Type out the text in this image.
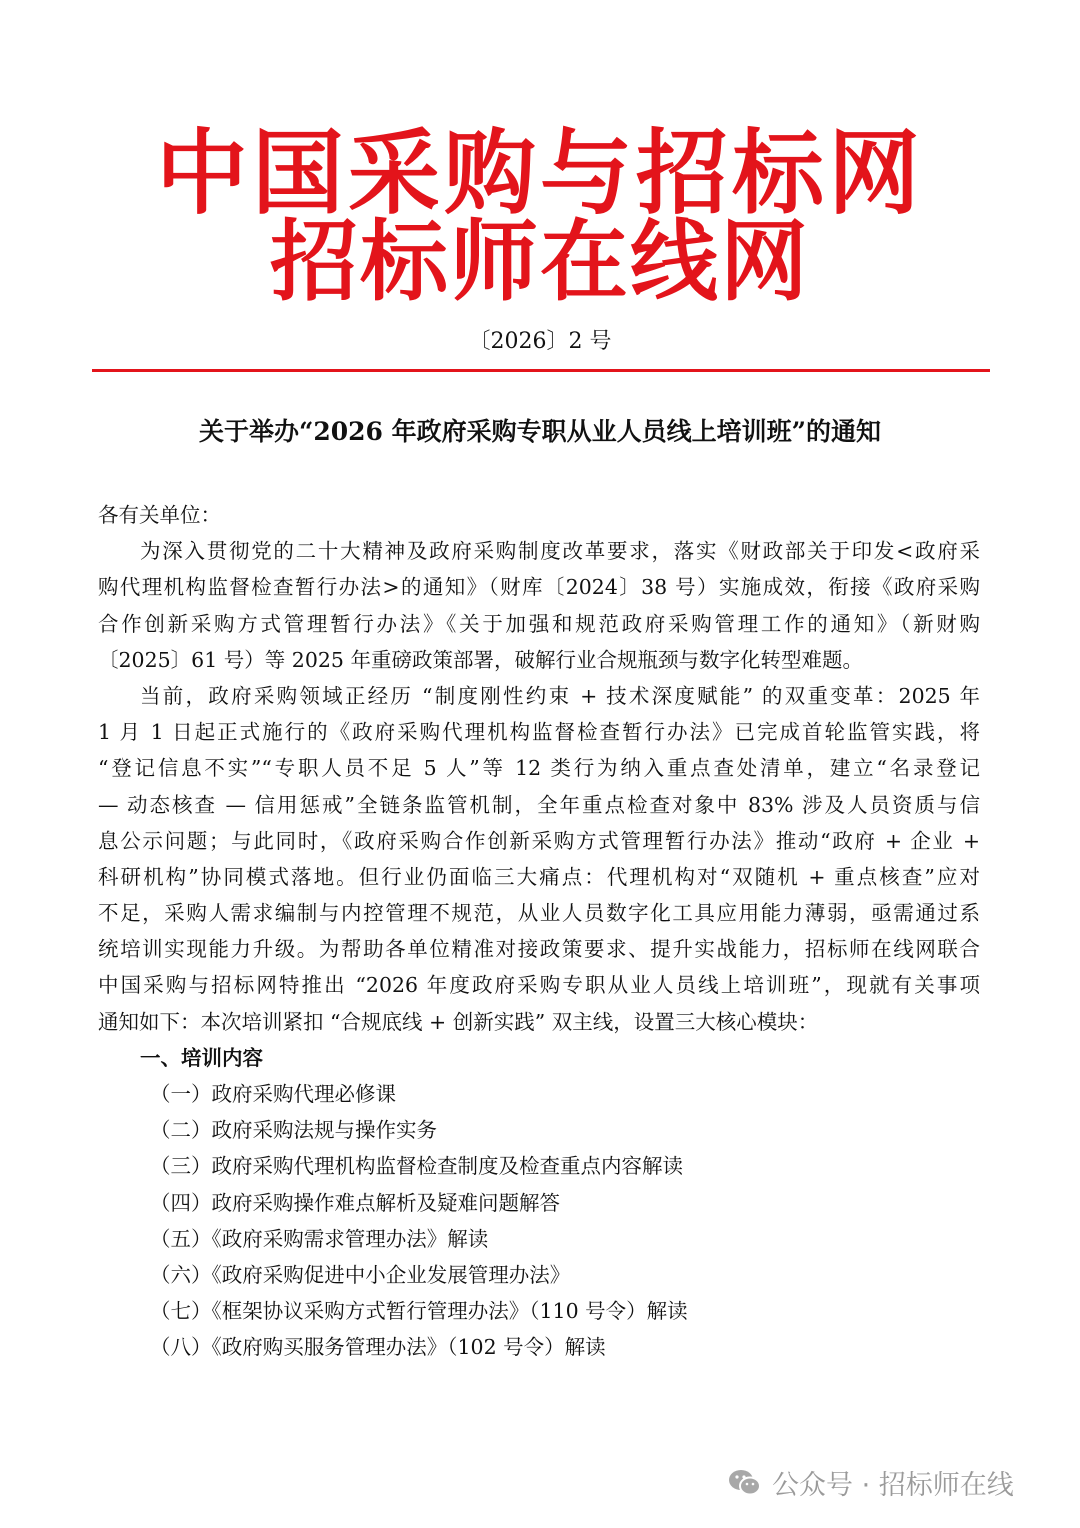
中国采购与招标网
招标师在线网
〔2026〕2 号
关于举办“2026 年政府采购专职从业人员线上培训班”的通知
各有关单位：
为深入贯彻党的二十大精神及政府采购制度改革要求，落实《财政部关于印发<政府采
购代理机构监督检查暂行办法>的通知》（财库〔2024〕38 号）实施成效，衔接《政府采购
合作创新采购方式管理暂行办法》《关于加强和规范政府采购管理工作的通知》（新财购
〔2025〕61 号）等 2025 年重磅政策部署，破解行业合规瓶颈与数字化转型难题。
当前，政府采购领域正经历 “制度刚性约束 + 技术深度赋能” 的双重变革：2025 年
1 月 1 日起正式施行的《政府采购代理机构监督检查暂行办法》已完成首轮监管实践，将
“登记信息不实”“专职人员不足 5 人”等 12 类行为纳入重点查处清单，建立“名录登记
— 动态核查 — 信用惩戒”全链条监管机制，全年重点检查对象中 83% 涉及人员资质与信
息公示问题；与此同时，《政府采购合作创新采购方式管理暂行办法》推动“政府 + 企业 +
科研机构”协同模式落地。但行业仍面临三大痛点：代理机构对“双随机 + 重点核查”应对
不足，采购人需求编制与内控管理不规范，从业人员数字化工具应用能力薄弱，亟需通过系
统培训实现能力升级。为帮助各单位精准对接政策要求、提升实战能力，招标师在线网联合
中国采购与招标网特推出 “2026 年度政府采购专职从业人员线上培训班”，现就有关事项
通知如下：本次培训紧扣 “合规底线 + 创新实践” 双主线，设置三大核心模块：
一、培训内容
（一）政府采购代理必修课
（二）政府采购法规与操作实务
（三）政府采购代理机构监督检查制度及检查重点内容解读
（四）政府采购操作难点解析及疑难问题解答
（五）《政府采购需求管理办法》解读
（六）《政府采购促进中小企业发展管理办法》
（七）《框架协议采购方式暂行管理办法》（110 号令）解读
（八）《政府购买服务管理办法》（102 号令）解读
公众号 · 招标师在线
